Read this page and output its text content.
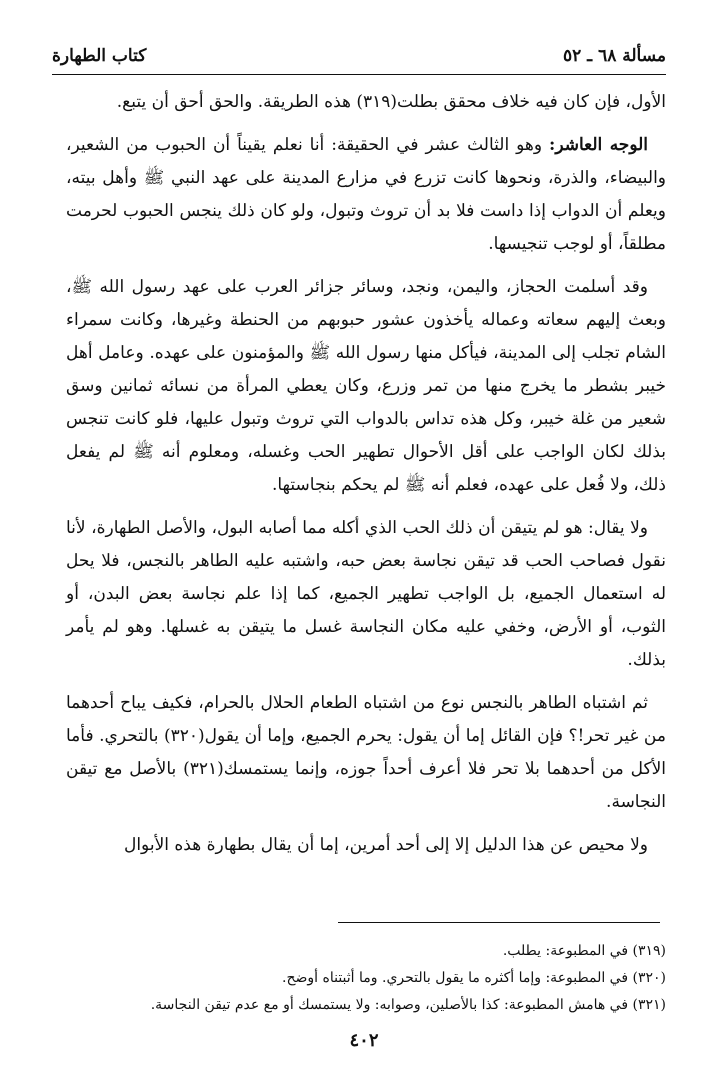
كتاب الطهارة	مسألة ٦٨ ـ ٥٢

الأول، فإن كان فيه خلاف محقق بطلت(٣١٩) هذه الطريقة. والحق أحق أن يتبع.

الوجه العاشر: وهو الثالث عشر في الحقيقة: أنا نعلم يقيناً أن الحبوب من الشعير، والبيضاء، والذرة، ونحوها كانت تزرع في مزارع المدينة على عهد النبي ﷺ وأهل بيته، ويعلم أن الدواب إذا داست فلا بد أن تروث وتبول، ولو كان ذلك ينجس الحبوب لحرمت مطلقاً، أو لوجب تنجيسها.

وقد أسلمت الحجاز، واليمن، ونجد، وسائر جزائر العرب على عهد رسول الله ﷺ، وبعث إليهم سعاته وعماله يأخذون عشور حبوبهم من الحنطة وغيرها، وكانت سمراء الشام تجلب إلى المدينة، فيأكل منها رسول الله ﷺ والمؤمنون على عهده. وعامل أهل خيبر بشطر ما يخرج منها من تمر وزرع، وكان يعطي المرأة من نسائه ثمانين وسق شعير من غلة خيبر، وكل هذه تداس بالدواب التي تروث وتبول عليها، فلو كانت تنجس بذلك لكان الواجب على أقل الأحوال تطهير الحب وغسله، ومعلوم أنه ﷺ لم يفعل ذلك، ولا فُعل على عهده، فعلم أنه ﷺ لم يحكم بنجاستها.

ولا يقال: هو لم يتيقن أن ذلك الحب الذي أكله مما أصابه البول، والأصل الطهارة، لأنا نقول فصاحب الحب قد تيقن نجاسة بعض حبه، واشتبه عليه الطاهر بالنجس، فلا يحل له استعمال الجميع، بل الواجب تطهير الجميع، كما إذا علم نجاسة بعض البدن، أو الثوب، أو الأرض، وخفي عليه مكان النجاسة غسل ما يتيقن به غسلها. وهو لم يأمر بذلك.

ثم اشتباه الطاهر بالنجس نوع من اشتباه الطعام الحلال بالحرام، فكيف يباح أحدهما من غير تحر!؟ فإن القائل إما أن يقول: يحرم الجميع، وإما أن يقول(٣٢٠) بالتحري. فأما الأكل من أحدهما بلا تحر فلا أعرف أحداً جوزه، وإنما يستمسك(٣٢١) بالأصل مع تيقن النجاسة.

ولا محيص عن هذا الدليل إلا إلى أحد أمرين، إما أن يقال بطهارة هذه الأبوال

(٣١٩) في المطبوعة: يطلب.

(٣٢٠) في المطبوعة: وإما أكثره ما يقول بالتحري. وما أثبتناه أوضح.

(٣٢١) في هامش المطبوعة: كذا بالأصلين، وصوابه: ولا يستمسك أو مع عدم تيقن النجاسة.

٤٠٢
